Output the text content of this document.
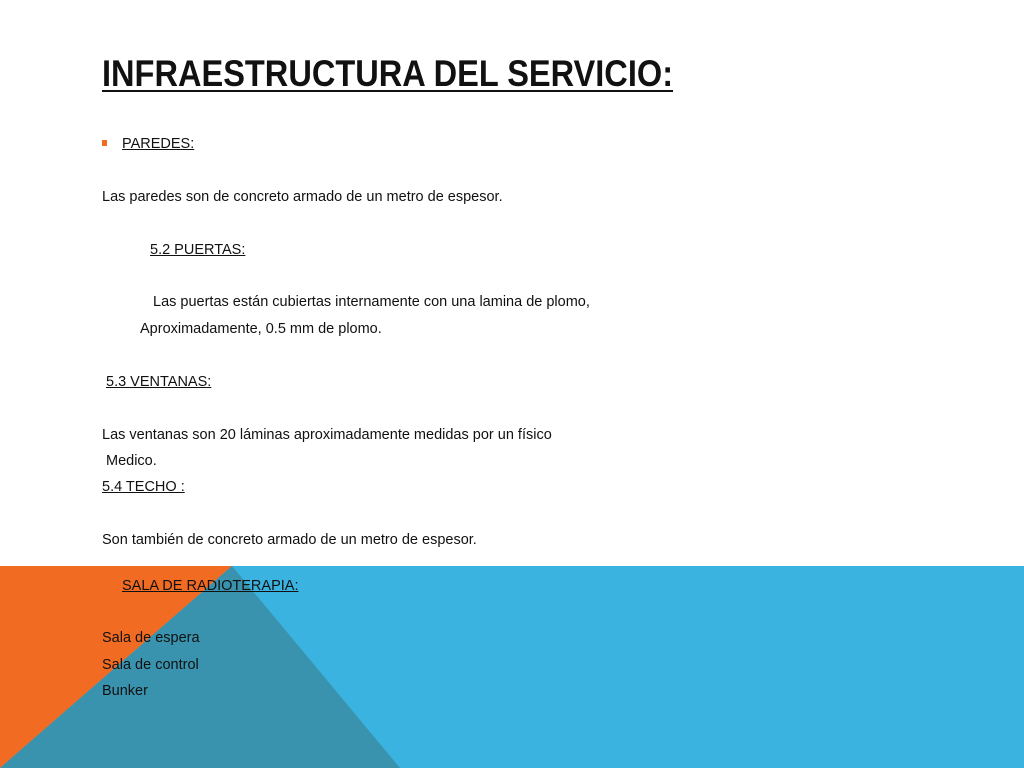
INFRAESTRUCTURA DEL SERVICIO:
PAREDES:
Las paredes son de concreto armado de un metro de espesor.
5.2 PUERTAS:
Las puertas están cubiertas internamente con una lamina de plomo,
Aproximadamente, 0.5 mm de plomo.
5.3 VENTANAS:
Las ventanas son 20 láminas aproximadamente medidas por un físico
Medico.
5.4 TECHO :
Son también de concreto armado de un metro de espesor.
SALA DE RADIOTERAPIA:
Sala de espera
Sala de control
Bunker
